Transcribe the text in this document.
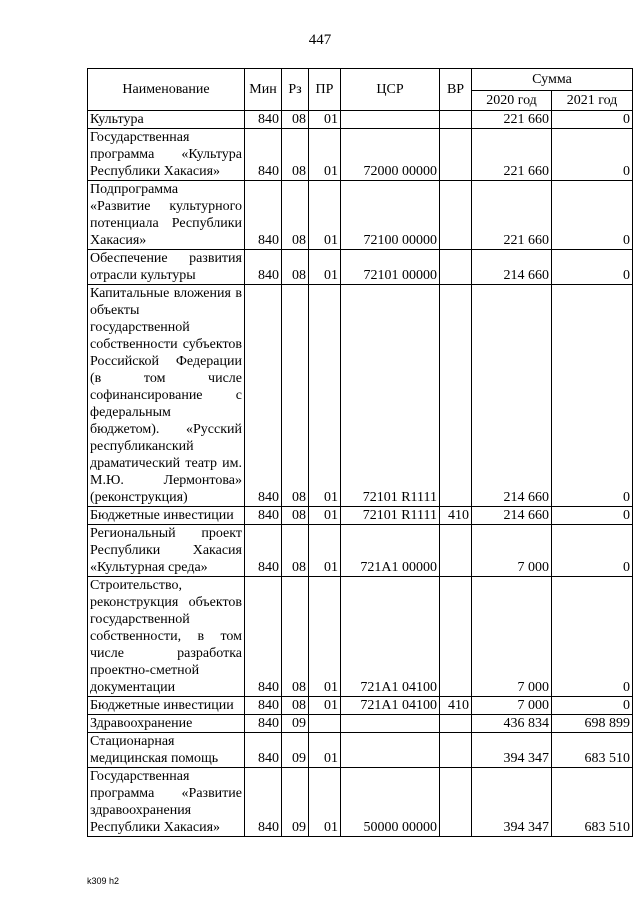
447
Наименование	Мин	Рз	ПР	ЦСР	ВР	Сумма	
						2020 год	2021 год
Культура	840	08	01			221 660	0
Государственная программа «Культура Республики Хакасия»	840	08	01	72000 00000		221 660	0
Подпрограмма «Развитие культурного потенциала Республики Хакасия»	840	08	01	72100 00000		221 660	0
Обеспечение развития отрасли культуры	840	08	01	72101 00000		214 660	0
Капитальные вложения в объекты государственной собственности субъектов Российской Федерации (в том числе софинансирование с федеральным бюджетом). «Русский республиканский драматический театр им. М.Ю. Лермонтова» (реконструкция)	840	08	01	72101 R1111		214 660	0
Бюджетные инвестиции	840	08	01	72101 R1111	410	214 660	0
Региональный проект Республики Хакасия «Культурная среда»	840	08	01	721A1 00000		7 000	0
Строительство, реконструкция объектов государственной собственности, в том числе разработка проектно-сметной документации	840	08	01	721A1 04100		7 000	0
Бюджетные инвестиции	840	08	01	721A1 04100	410	7 000	0
Здравоохранение	840	09				436 834	698 899
Стационарная медицинская помощь	840	09	01			394 347	683 510
Государственная программа «Развитие здравоохранения Республики Хакасия»	840	09	01	50000 00000		394 347	683 510
k309 h2
